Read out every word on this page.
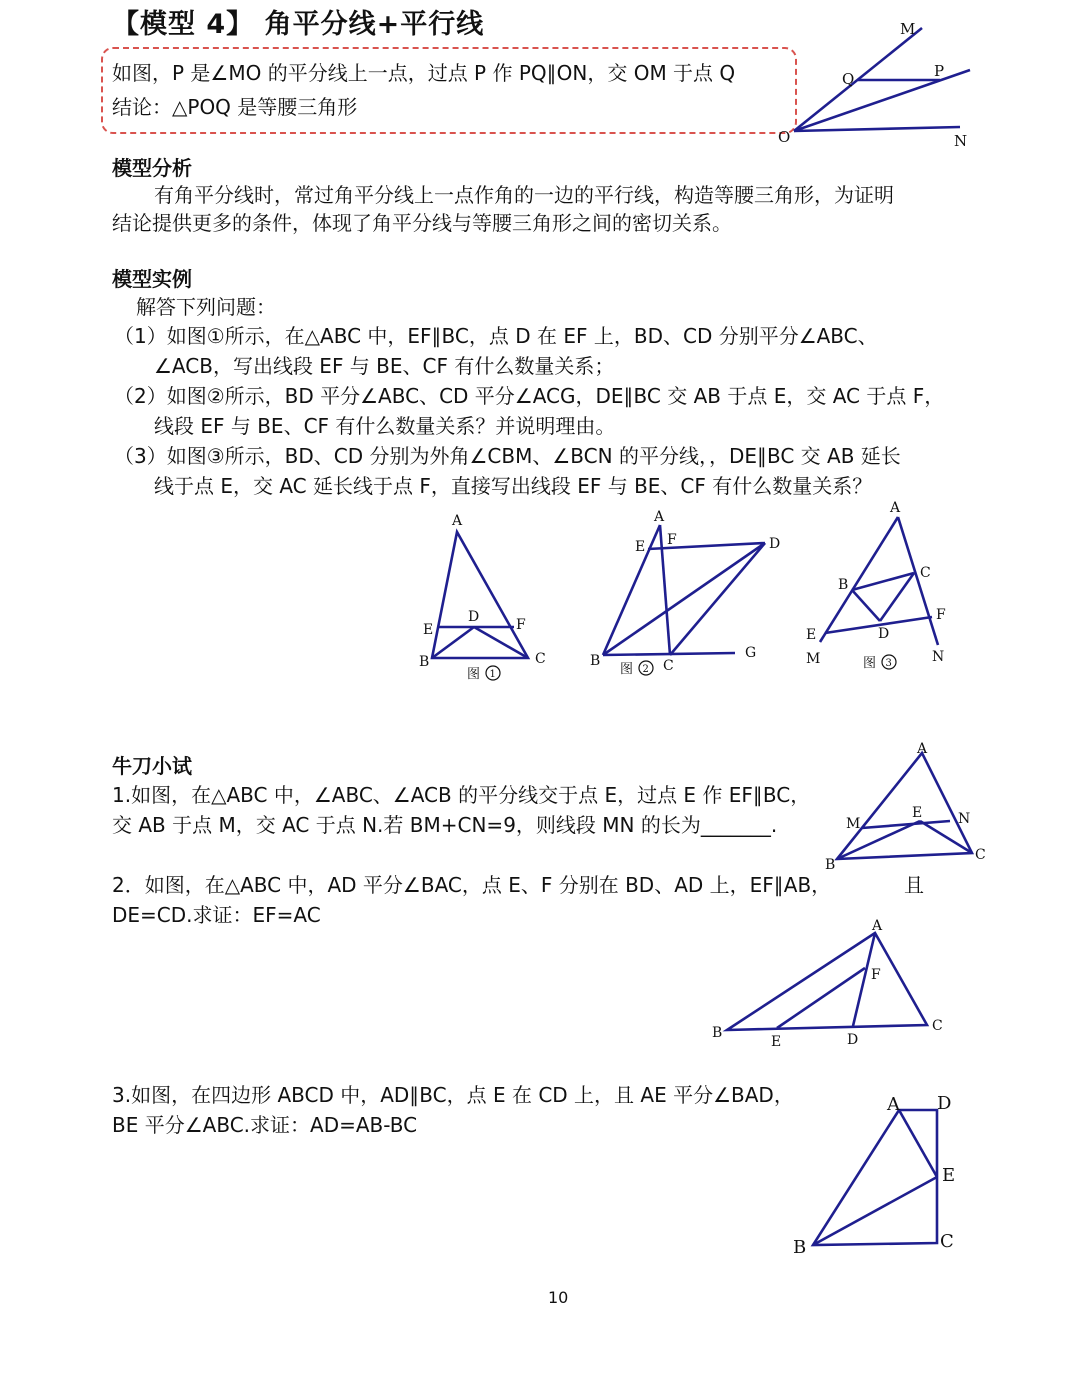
【模型 4】 角平分线+平行线
如图，P 是∠MO 的平分线上一点，过点 P 作 PQ∥ON，交 OM 于点 Q
结论：△POQ 是等腰三角形
M
Q	P
O	N
模型分析
有角平分线时，常过角平分线上一点作角的一边的平行线，构造等腰三角形，为证明
结论提供更多的条件，体现了角平分线与等腰三角形之间的密切关系。
模型实例
解答下列问题：
（1）如图①所示，在△ABC 中，EF∥BC，点 D 在 EF 上，BD、CD 分别平分∠ABC、
∠ACB，写出线段 EF 与 BE、CF 有什么数量关系；
（2）如图②所示，BD 平分∠ABC、CD 平分∠ACG，DE∥BC 交 AB 于点 E，交 AC 于点 F，
线段 EF 与 BE、CF 有什么数量关系？并说明理由。
（3）如图③所示，BD、CD 分别为外角∠CBM、∠BCN 的平分线，，DE∥BC 交 AB 延长
线于点 E，交 AC 延长线于点 F，直接写出线段 EF 与 BE、CF 有什么数量关系？
A
D
E	F
B	C
图 1
A
E F	D
B	C
G
图 2
A
B
C
F
E	D
M	N
图 3
牛刀小试
1.如图，在△ABC 中，∠ABC、∠ACB 的平分线交于点 E，过点 E 作 EF∥BC，
交 AB 于点 M，交 AC 于点 N.若 BM+CN=9，则线段 MN 的长为_______.
A
E
M	N
B
C
2．如图，在△ABC 中，AD 平分∠BAC，点 E、F 分别在 BD、AD 上，EF∥AB，	且
DE=CD.求证：EF=AC	A
F
B
E	D
C
3.如图，在四边形 ABCD 中，AD∥BC，点 E 在 CD 上，且 AE 平分∠BAD，
BE 平分∠ABC.求证：AD=AB-BC
A D
E
B	C
10
